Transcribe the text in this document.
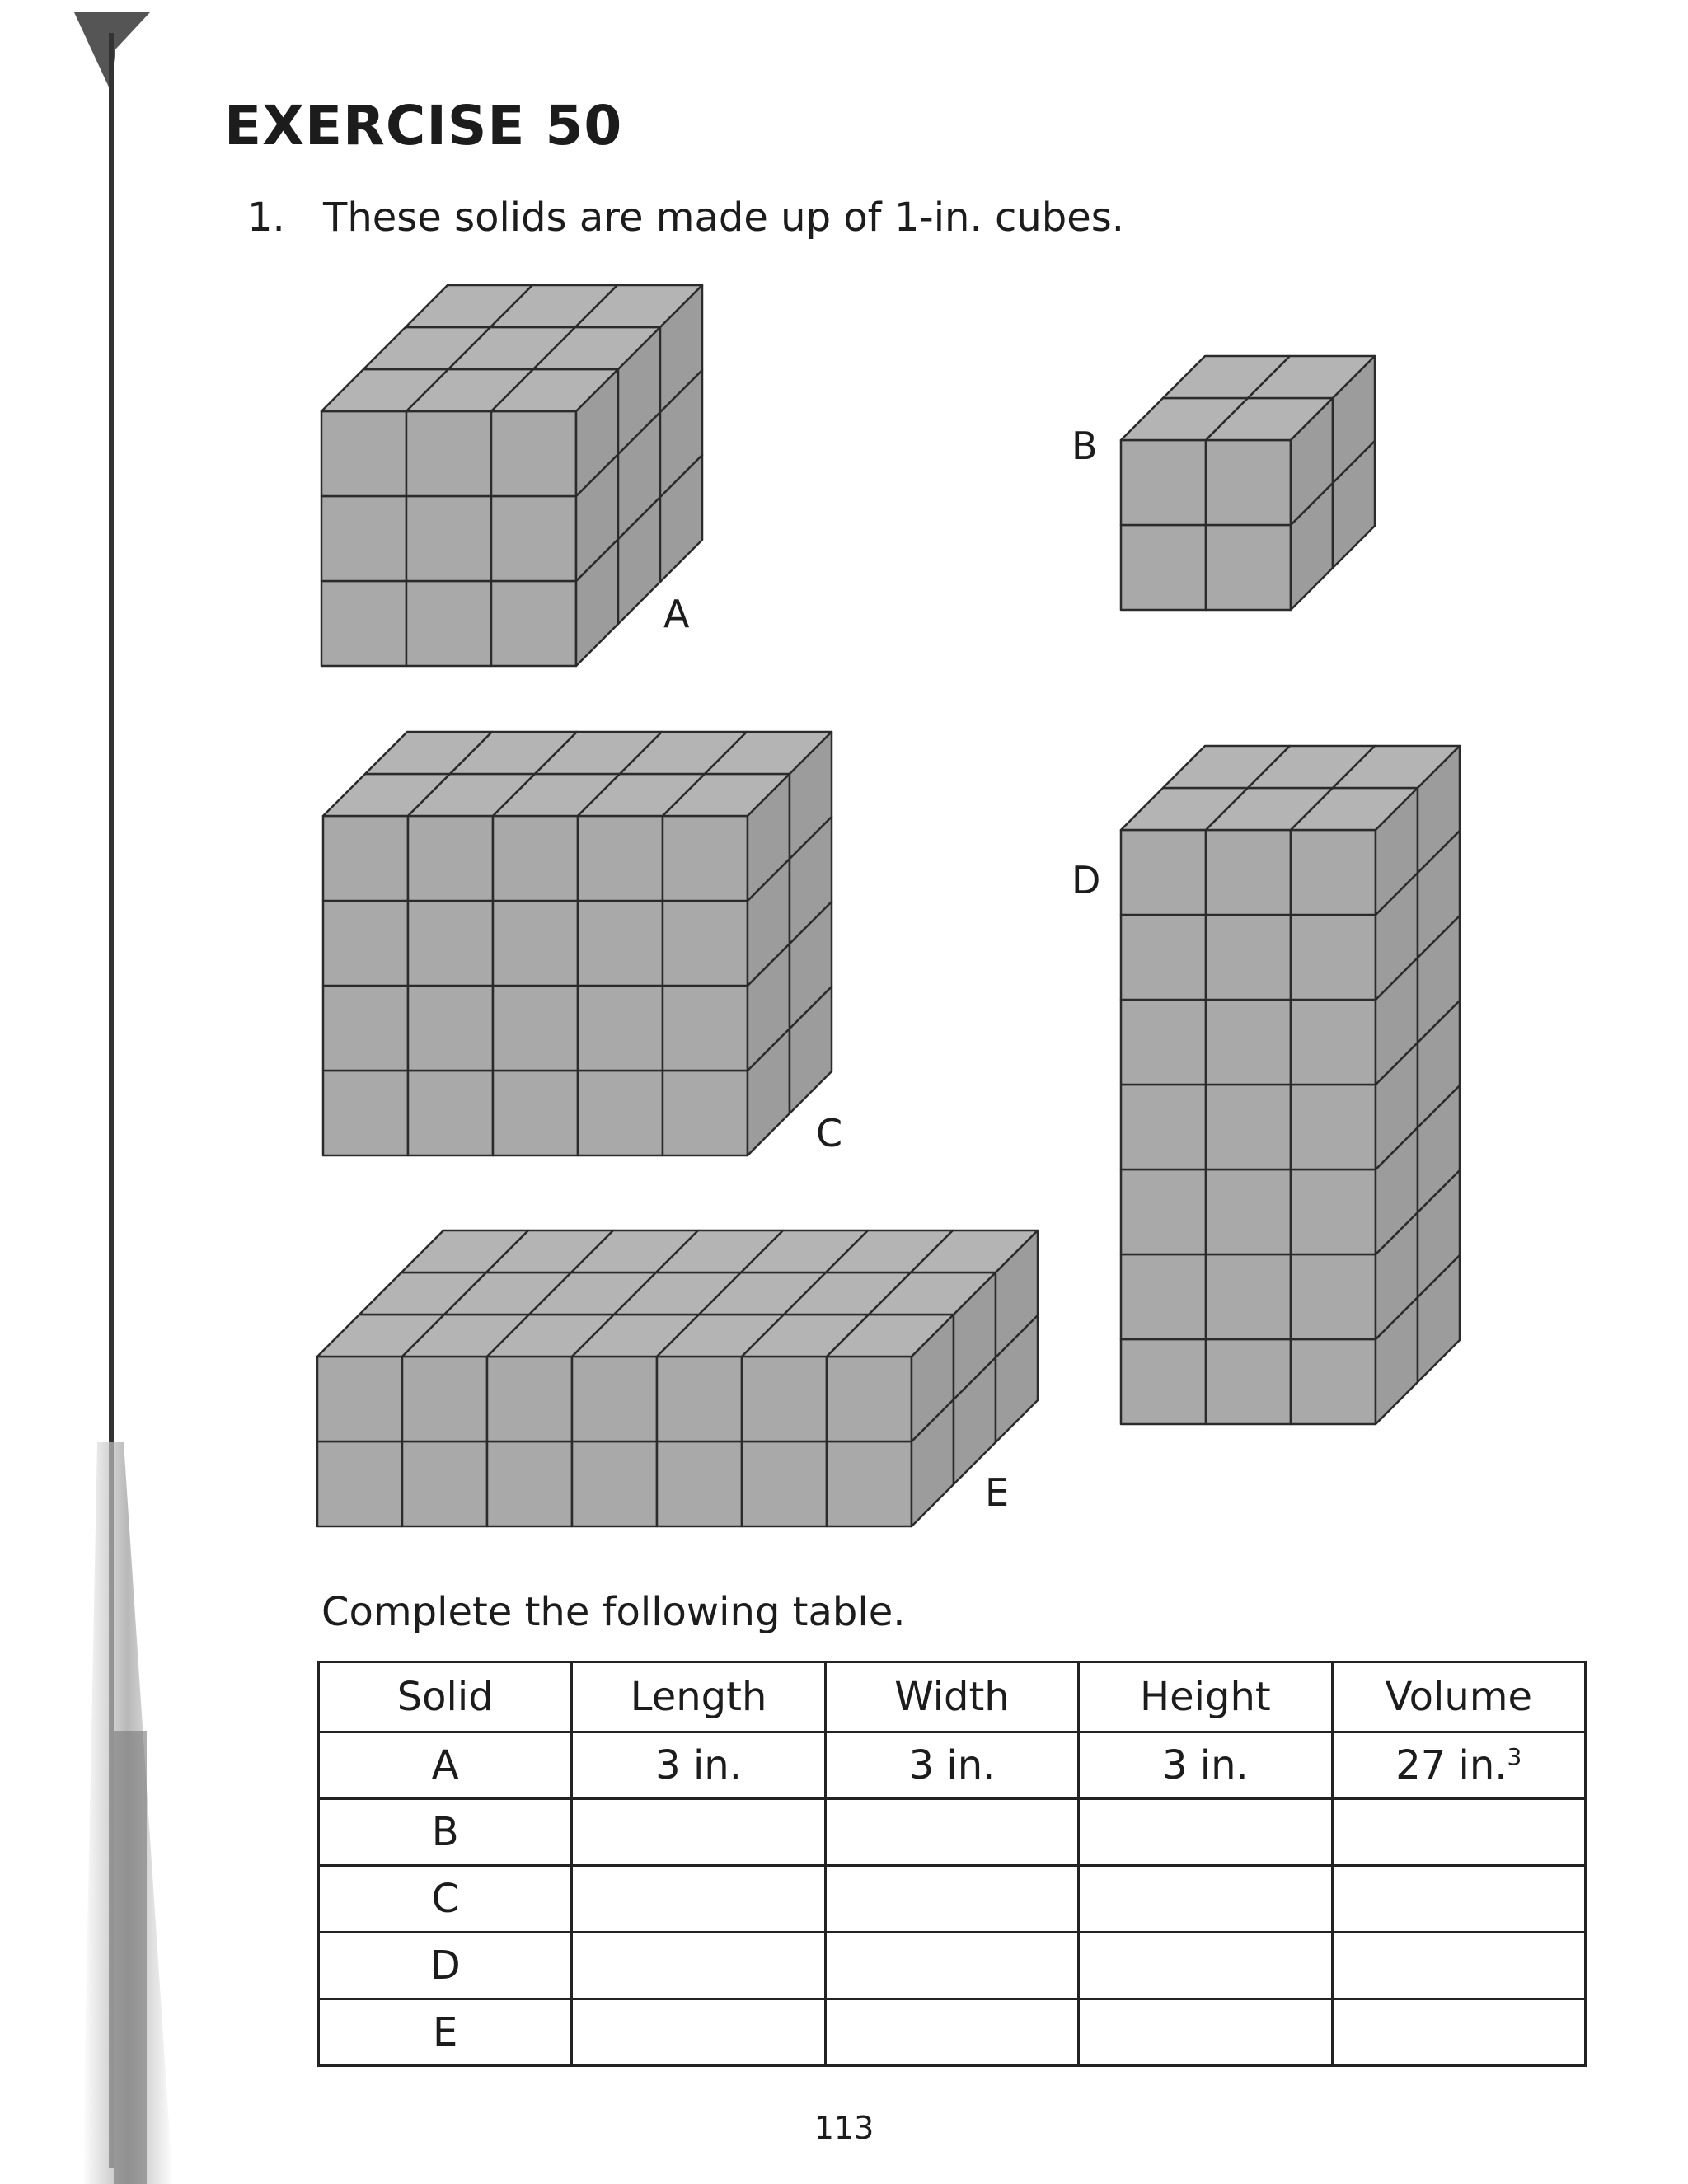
EXERCISE 50
1. These solids are made up of 1-in. cubes.
A
B
C
D
E
Complete the following table.
Solid	Length	Width	Height	Volume
A	3 in.	3 in.	3 in.	27 in.$^3$
B				
C				
D				
E				
113
